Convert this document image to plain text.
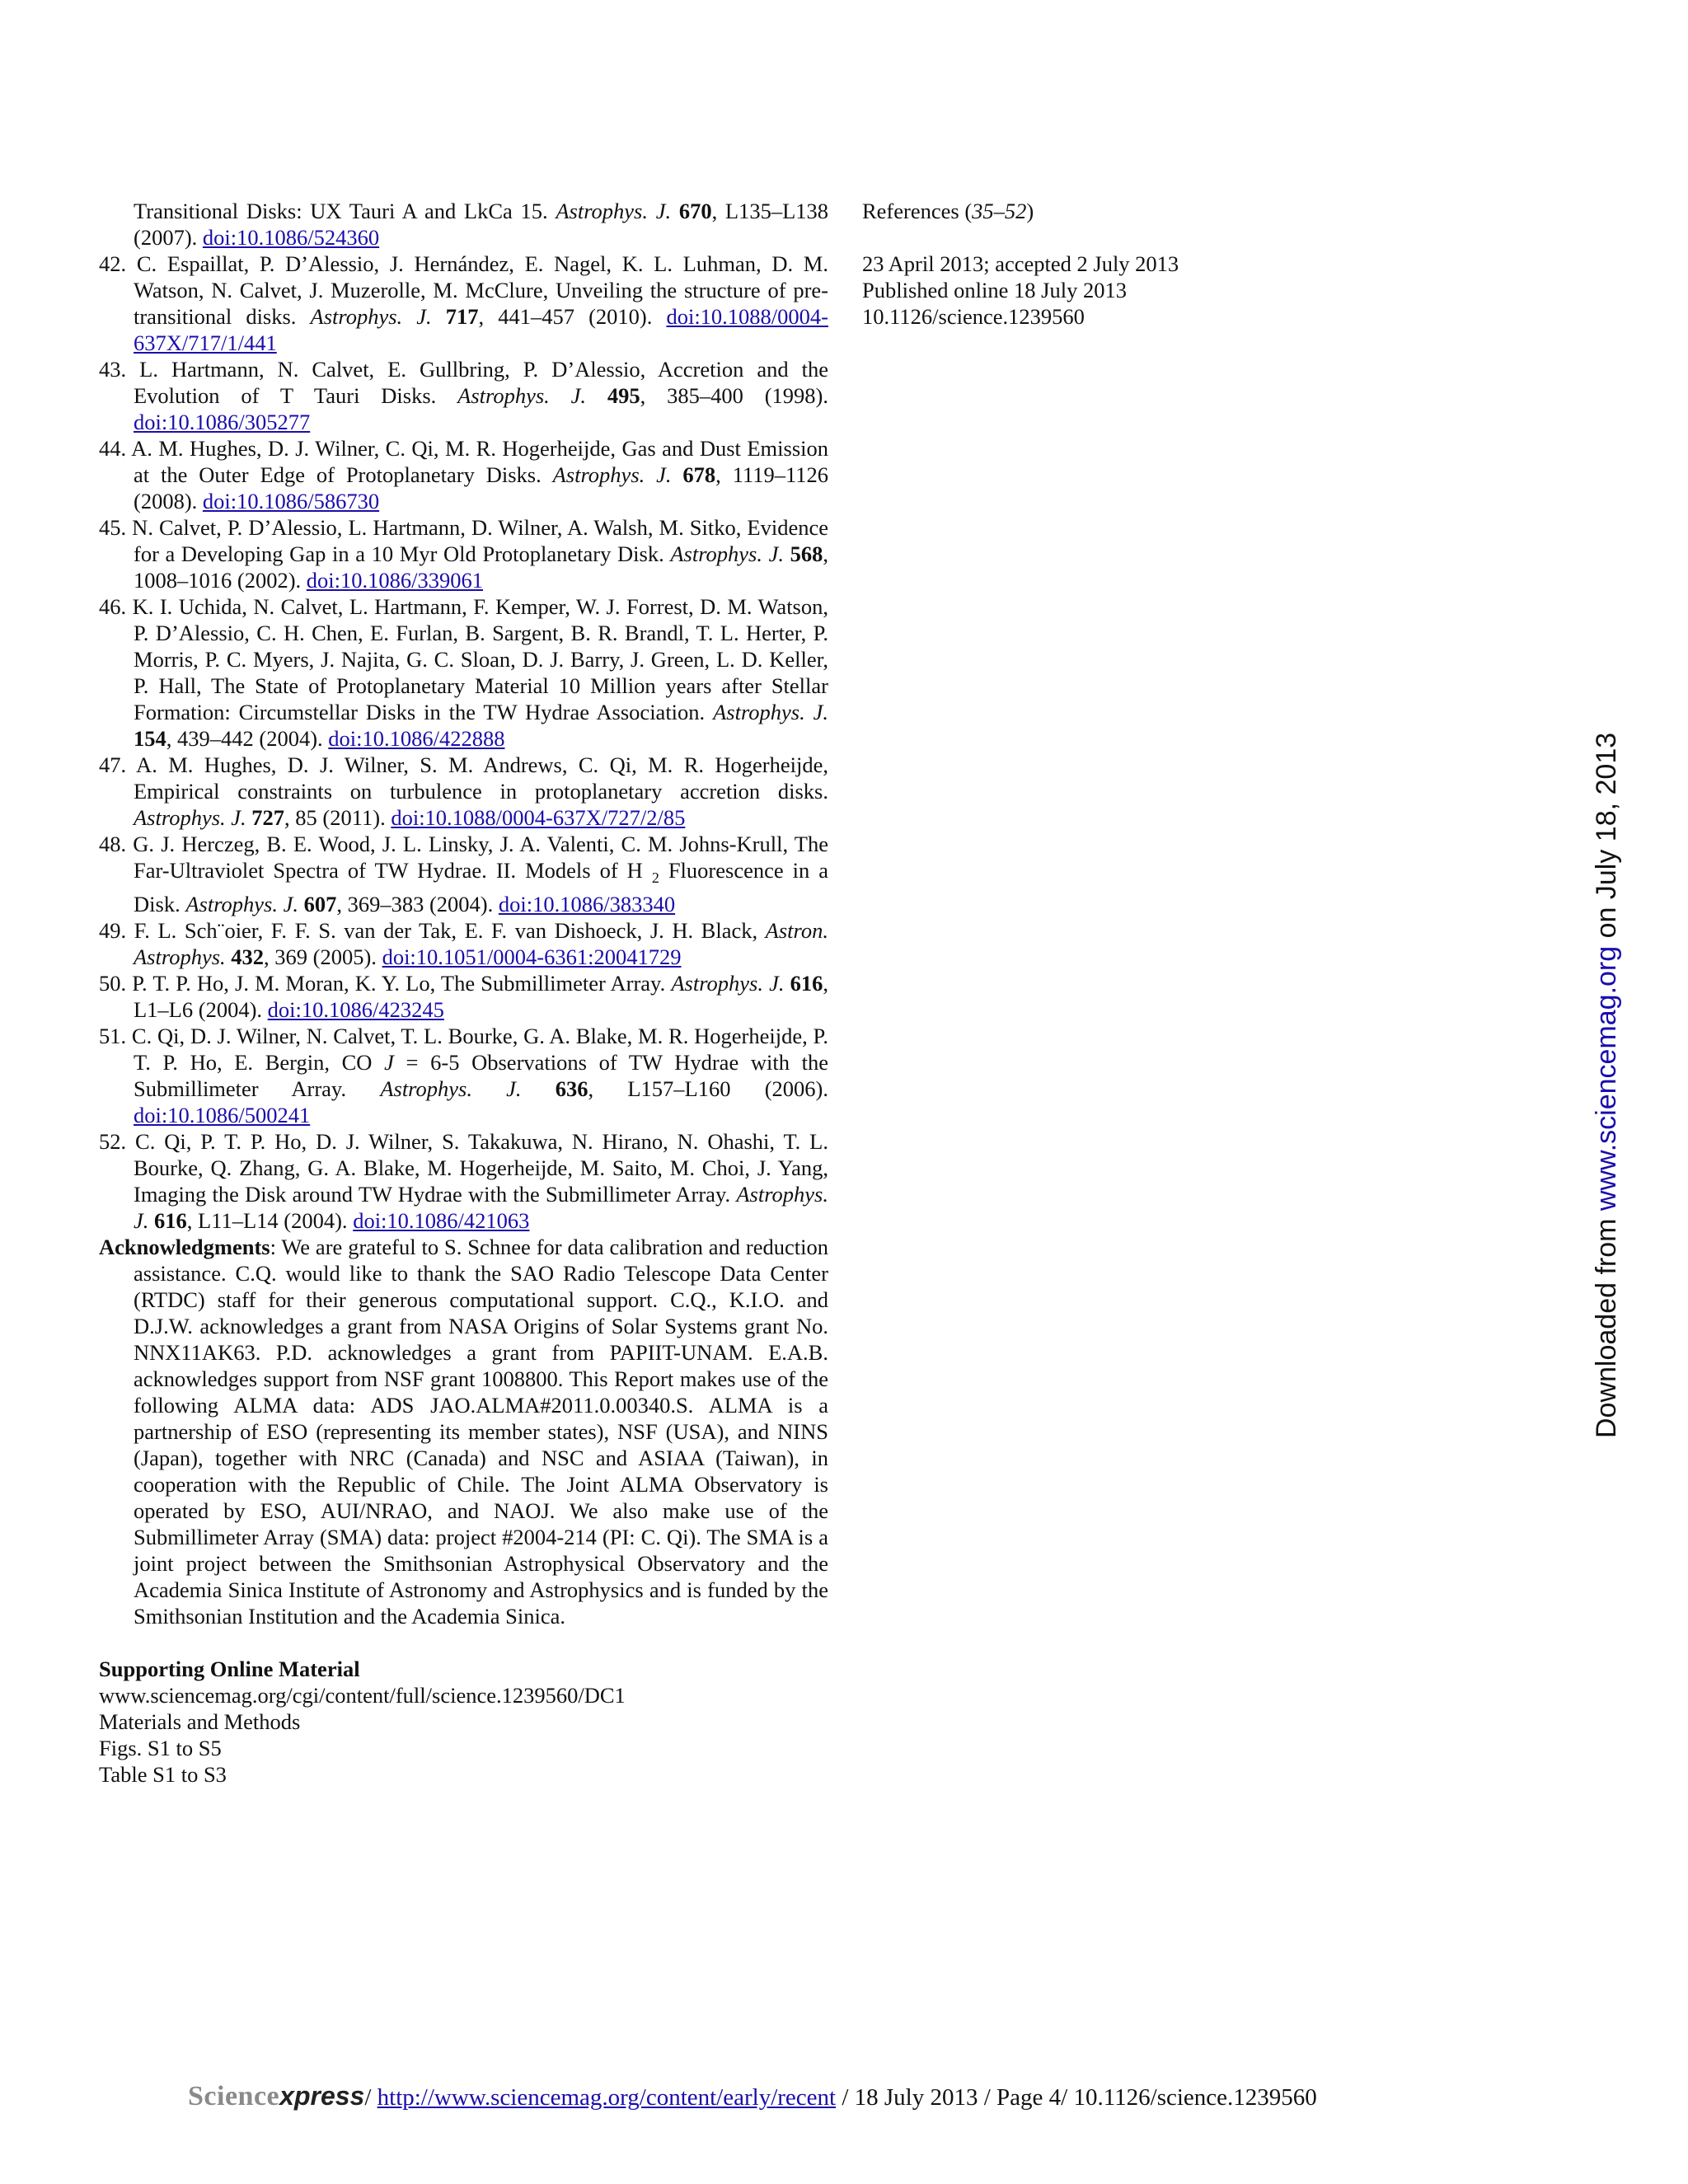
Transitional Disks: UX Tauri A and LkCa 15. Astrophys. J. 670, L135–L138 (2007). doi:10.1086/524360
42. C. Espaillat, P. D’Alessio, J. Hernández, E. Nagel, K. L. Luhman, D. M. Watson, N. Calvet, J. Muzerolle, M. McClure, Unveiling the structure of pre-transitional disks. Astrophys. J. 717, 441–457 (2010). doi:10.1088/0004-637X/717/1/441
43. L. Hartmann, N. Calvet, E. Gullbring, P. D’Alessio, Accretion and the Evolution of T Tauri Disks. Astrophys. J. 495, 385–400 (1998). doi:10.1086/305277
44. A. M. Hughes, D. J. Wilner, C. Qi, M. R. Hogerheijde, Gas and Dust Emission at the Outer Edge of Protoplanetary Disks. Astrophys. J. 678, 1119–1126 (2008). doi:10.1086/586730
45. N. Calvet, P. D’Alessio, L. Hartmann, D. Wilner, A. Walsh, M. Sitko, Evidence for a Developing Gap in a 10 Myr Old Protoplanetary Disk. Astrophys. J. 568, 1008–1016 (2002). doi:10.1086/339061
46. K. I. Uchida, N. Calvet, L. Hartmann, F. Kemper, W. J. Forrest, D. M. Watson, P. D’Alessio, C. H. Chen, E. Furlan, B. Sargent, B. R. Brandl, T. L. Herter, P. Morris, P. C. Myers, J. Najita, G. C. Sloan, D. J. Barry, J. Green, L. D. Keller, P. Hall, The State of Protoplanetary Material 10 Million years after Stellar Formation: Circumstellar Disks in the TW Hydrae Association. Astrophys. J. 154, 439–442 (2004). doi:10.1086/422888
47. A. M. Hughes, D. J. Wilner, S. M. Andrews, C. Qi, M. R. Hogerheijde, Empirical constraints on turbulence in protoplanetary accretion disks. Astrophys. J. 727, 85 (2011). doi:10.1088/0004-637X/727/2/85
48. G. J. Herczeg, B. E. Wood, J. L. Linsky, J. A. Valenti, C. M. Johns-Krull, The Far-Ultraviolet Spectra of TW Hydrae. II. Models of H $_2$ Fluorescence in a Disk. Astrophys. J. 607, 369–383 (2004). doi:10.1086/383340
49. F. L. Sch¨oier, F. F. S. van der Tak, E. F. van Dishoeck, J. H. Black, Astron. Astrophys. 432, 369 (2005). doi:10.1051/0004-6361:20041729
50. P. T. P. Ho, J. M. Moran, K. Y. Lo, The Submillimeter Array. Astrophys. J. 616, L1–L6 (2004). doi:10.1086/423245
51. C. Qi, D. J. Wilner, N. Calvet, T. L. Bourke, G. A. Blake, M. R. Hogerheijde, P. T. P. Ho, E. Bergin, CO J = 6-5 Observations of TW Hydrae with the Submillimeter Array. Astrophys. J. 636, L157–L160 (2006). doi:10.1086/500241
52. C. Qi, P. T. P. Ho, D. J. Wilner, S. Takakuwa, N. Hirano, N. Ohashi, T. L. Bourke, Q. Zhang, G. A. Blake, M. Hogerheijde, M. Saito, M. Choi, J. Yang, Imaging the Disk around TW Hydrae with the Submillimeter Array. Astrophys. J. 616, L11–L14 (2004). doi:10.1086/421063
Acknowledgments: We are grateful to S. Schnee for data calibration and reduction assistance. C.Q. would like to thank the SAO Radio Telescope Data Center (RTDC) staff for their generous computational support. C.Q., K.I.O. and D.J.W. acknowledges a grant from NASA Origins of Solar Systems grant No. NNX11AK63. P.D. acknowledges a grant from PAPIIT-UNAM. E.A.B. acknowledges support from NSF grant 1008800. This Report makes use of the following ALMA data: ADS JAO.ALMA#2011.0.00340.S. ALMA is a partnership of ESO (representing its member states), NSF (USA), and NINS (Japan), together with NRC (Canada) and NSC and ASIAA (Taiwan), in cooperation with the Republic of Chile. The Joint ALMA Observatory is operated by ESO, AUI/NRAO, and NAOJ. We also make use of the Submillimeter Array (SMA) data: project #2004-214 (PI: C. Qi). The SMA is a joint project between the Smithsonian Astrophysical Observatory and the Academia Sinica Institute of Astronomy and Astrophysics and is funded by the Smithsonian Institution and the Academia Sinica.
Supporting Online Material
www.sciencemag.org/cgi/content/full/science.1239560/DC1
Materials and Methods
Figs. S1 to S5
Table S1 to S3
References (35–52)
23 April 2013; accepted 2 July 2013
Published online 18 July 2013
10.1126/science.1239560
Downloaded from www.sciencemag.org on July 18, 2013
Sciencexpress/ http://www.sciencemag.org/content/early/recent / 18 July 2013 / Page 4/ 10.1126/science.1239560
